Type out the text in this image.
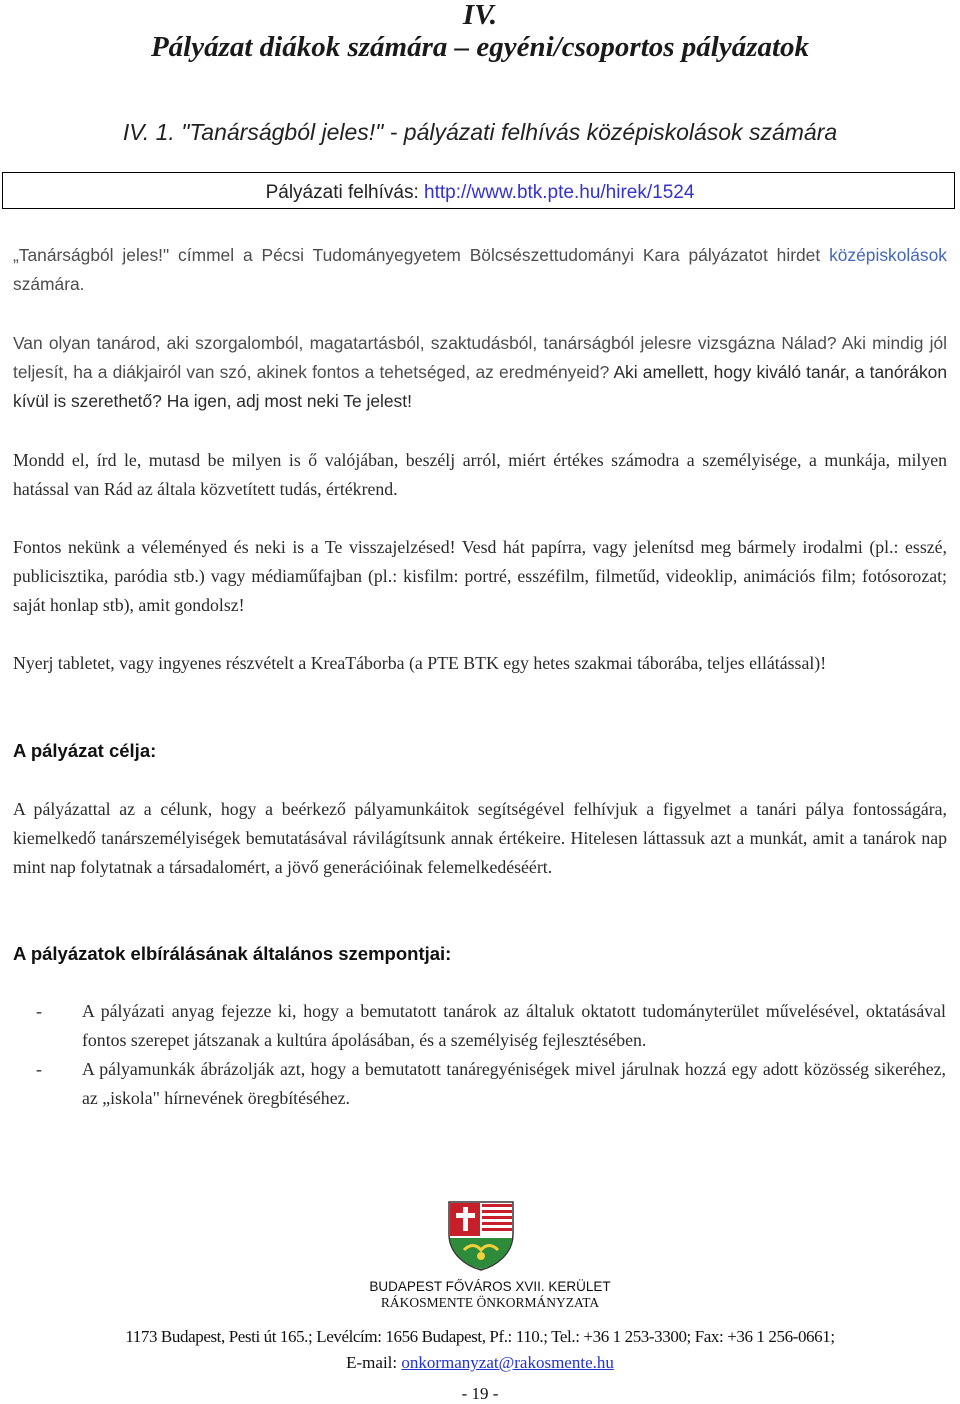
IV.
Pályázat diákok számára – egyéni/csoportos pályázatok
IV. 1. "Tanárságból jeles!" - pályázati felhívás középiskolások számára
Pályázati felhívás: http://www.btk.pte.hu/hirek/1524
„Tanárságból jeles!" címmel a Pécsi Tudományegyetem Bölcsészettudományi Kara pályázatot hirdet középiskolások számára.
Van olyan tanárod, aki szorgalomból, magatartásból, szaktudásból, tanárságból jelesre vizsgázna Nálad? Aki mindig jól teljesít, ha a diákjairól van szó, akinek fontos a tehetséged, az eredményeid? Aki amellett, hogy kiváló tanár, a tanórákon kívül is szerethető? Ha igen, adj most neki Te jelest!
Mondd el, írd le, mutasd be milyen is ő valójában, beszélj arról, miért értékes számodra a személyisége, a munkája, milyen hatással van Rád az általa közvetített tudás, értékrend.
Fontos nekünk a véleményed és neki is a Te visszajelzésed! Vesd hát papírra, vagy jelenítsd meg bármely irodalmi (pl.: esszé, publicisztika, paródia stb.) vagy médiaműfajban (pl.: kisfilm: portré, esszéfilm, filmetűd, videoklip, animációs film; fotósorozat; saját honlap stb), amit gondolsz!
Nyerj tabletet, vagy ingyenes részvételt a KreaTáborba (a PTE BTK egy hetes szakmai táborába, teljes ellátással)!
A pályázat célja:
A pályázattal az a célunk, hogy a beérkező pályamunkáitok segítségével felhívjuk a figyelmet a tanári pálya fontosságára, kiemelkedő tanárszemélyiségek bemutatásával rávilágítsunk annak értékeire. Hitelesen láttassuk azt a munkát, amit a tanárok nap mint nap folytatnak a társadalomért, a jövő generációinak felemelkedéséért.
A pályázatok elbírálásának általános szempontjai:
- A pályázati anyag fejezze ki, hogy a bemutatott tanárok az általuk oktatott tudományterület művelésével, oktatásával fontos szerepet játszanak a kultúra ápolásában, és a személyiség fejlesztésében.
- A pályamunkák ábrázolják azt, hogy a bemutatott tanáregyéniségek mivel járulnak hozzá egy adott közösség sikeréhez, az „iskola" hírnevének öregbítéséhez.
BUDAPEST FŐVÁROS XVII. KERÜLET
RÁKOSMENTE ÖNKORMÁNYZATA
1173 Budapest, Pesti út 165.; Levélcím: 1656 Budapest, Pf.: 110.; Tel.: +36 1 253-3300; Fax: +36 1 256-0661;
E-mail: onkormanyzat@rakosmente.hu
- 19 -
